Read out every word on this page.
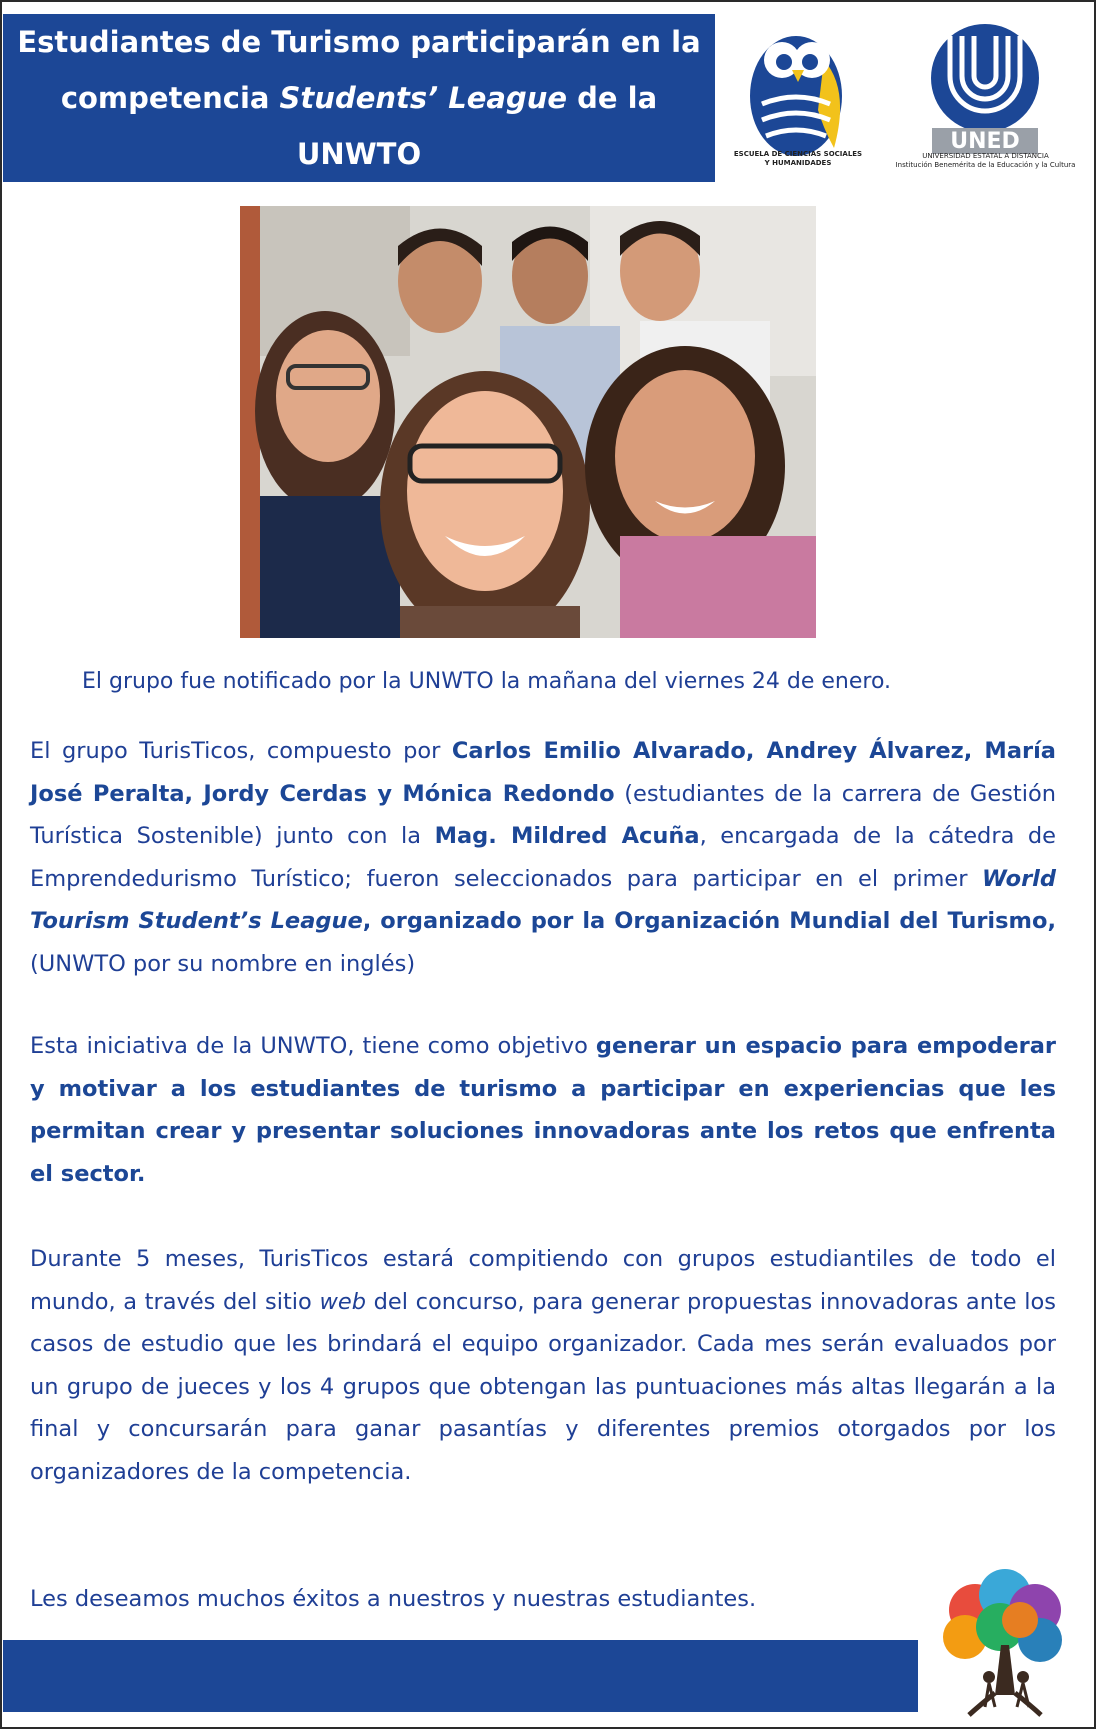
Estudiantes de Turismo participarán en la
competencia Students’ League de la UNWTO	ESCUELA DE CIENCIAS SOCIALES
Y HUMANIDADES
UNED
UNIVERSIDAD ESTATAL A DISTANCIA
Institución Benemérita de la Educación y la Cultura
El grupo fue notificado por la UNWTO la mañana del viernes 24 de enero.
El grupo TurisTicos, compuesto por Carlos Emilio Alvarado, Andrey Álvarez, María José Peralta, Jordy Cerdas y Mónica Redondo (estudiantes de la carrera de Gestión Turística Sostenible) junto con la Mag. Mildred Acuña, encargada de la cátedra de Emprendedurismo Turístico; fueron seleccionados para participar en el primer World Tourism Student’s League, organizado por la Organización Mundial del Turismo, (UNWTO por su nombre en inglés)
Esta iniciativa de la UNWTO, tiene como objetivo generar un espacio para empoderar y motivar a los estudiantes de turismo a participar en experiencias que les permitan crear y presentar soluciones innovadoras ante los retos que enfrenta el sector.
Durante 5 meses, TurisTicos estará compitiendo con grupos estudiantiles de todo el mundo, a través del sitio web del concurso, para generar propuestas innovadoras ante los casos de estudio que les brindará el equipo organizador. Cada mes serán evaluados por un grupo de jueces y los 4 grupos que obtengan las puntuaciones más altas llegarán a la final y concursarán para ganar pasantías y diferentes premios otorgados por los organizadores de la competencia.
Les deseamos muchos éxitos a nuestros y nuestras estudiantes.
